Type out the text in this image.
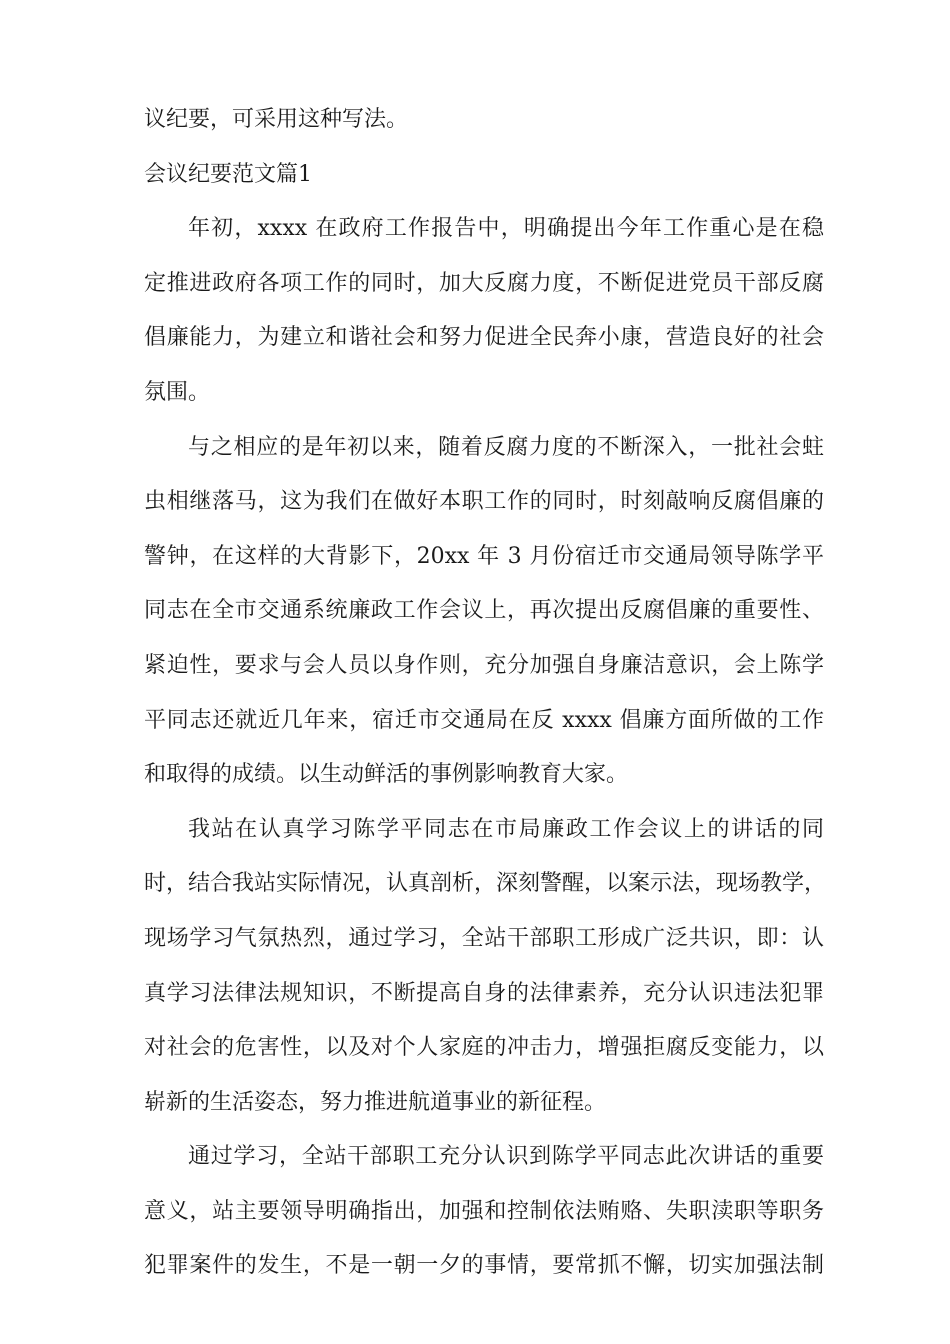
议纪要，可采用这种写法。
会议纪要范文篇1
年初，xxxx 在政府工作报告中，明确提出今年工作重心是在稳
定推进政府各项工作的同时，加大反腐力度，不断促进党员干部反腐
倡廉能力，为建立和谐社会和努力促进全民奔小康，营造良好的社会
氛围。
与之相应的是年初以来，随着反腐力度的不断深入，一批社会蛀
虫相继落马，这为我们在做好本职工作的同时，时刻敲响反腐倡廉的
警钟，在这样的大背影下，20xx 年 3 月份宿迁市交通局领导陈学平
同志在全市交通系统廉政工作会议上，再次提出反腐倡廉的重要性、
紧迫性，要求与会人员以身作则，充分加强自身廉洁意识，会上陈学
平同志还就近几年来，宿迁市交通局在反 xxxx 倡廉方面所做的工作
和取得的成绩。以生动鲜活的事例影响教育大家。
我站在认真学习陈学平同志在市局廉政工作会议上的讲话的同
时，结合我站实际情况，认真剖析，深刻警醒，以案示法，现场教学，
现场学习气氛热烈，通过学习，全站干部职工形成广泛共识，即：认
真学习法律法规知识，不断提高自身的法律素养，充分认识违法犯罪
对社会的危害性，以及对个人家庭的冲击力，增强拒腐反变能力，以
崭新的生活姿态，努力推进航道事业的新征程。
通过学习，全站干部职工充分认识到陈学平同志此次讲话的重要
意义，站主要领导明确指出，加强和控制依法贿赂、失职渎职等职务
犯罪案件的发生，不是一朝一夕的事情，要常抓不懈，切实加强法制
